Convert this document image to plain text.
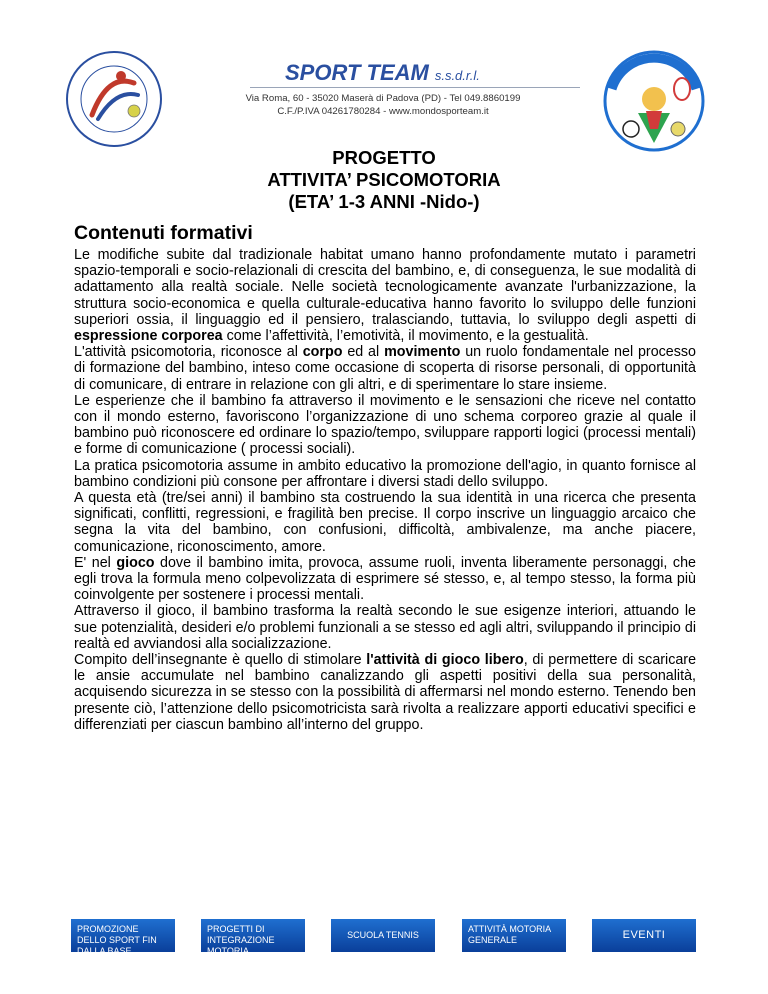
SPORT TEAM s.s.d.r.l.
Via Roma, 60 - 35020 Maserà di Padova (PD) - Tel 049.8860199
C.F./P.IVA 04261780284 - www.mondosporteam.it
PROGETTO
ATTIVITA’ PSICOMOTORIA
(ETA’ 1-3 ANNI -Nido-)
Contenuti formativi

Le modifiche subite dal tradizionale habitat umano hanno profondamente mutato i parametri spazio-temporali e socio-relazionali di crescita del bambino, e, di conseguenza, le sue modalità di adattamento alla realtà sociale. Nelle società tecnologicamente avanzate l'urbanizzazione, la struttura socio-economica e quella culturale-educativa hanno favorito lo sviluppo delle funzioni superiori ossia, il linguaggio ed il pensiero, tralasciando, tuttavia, lo sviluppo degli aspetti di espressione corporea come l’affettività, l’emotività, il movimento, e la gestualità.

L'attività psicomotoria, riconosce al corpo ed al movimento un ruolo fondamentale nel processo di formazione del bambino, inteso come occasione di scoperta di risorse personali, di opportunità di comunicare, di entrare in relazione con gli altri, e di sperimentare lo stare insieme.

Le esperienze che il bambino fa attraverso il movimento e le sensazioni che riceve nel contatto con il mondo esterno, favoriscono l’organizzazione di uno schema corporeo grazie al quale il bambino può riconoscere ed ordinare lo spazio/tempo, sviluppare rapporti logici (processi mentali) e forme di comunicazione ( processi sociali).

La pratica psicomotoria assume in ambito educativo la promozione dell'agio, in quanto fornisce al bambino condizioni più consone per affrontare i diversi stadi dello sviluppo.

A questa età (tre/sei anni) il bambino sta costruendo la sua identità in una ricerca che presenta significati, conflitti, regressioni, e fragilità ben precise. Il corpo inscrive un linguaggio arcaico che segna la vita del bambino, con confusioni, difficoltà, ambivalenze, ma anche piacere, comunicazione, riconoscimento, amore.

E' nel gioco dove il bambino imita, provoca, assume ruoli, inventa liberamente personaggi, che egli trova la formula meno colpevolizzata di esprimere sé stesso, e, al tempo stesso, la forma più coinvolgente per sostenere i processi mentali.

Attraverso il gioco, il bambino trasforma la realtà secondo le sue esigenze interiori, attuando le sue potenzialità, desideri e/o problemi funzionali a se stesso ed agli altri, sviluppando il principio di realtà ed avviandosi alla socializzazione.

Compito dell’insegnante è quello di stimolare l'attività di gioco libero, di permettere di scaricare le ansie accumulate nel bambino canalizzando gli aspetti positivi della sua personalità, acquisendo sicurezza in se stesso con la possibilità di affermarsi nel mondo esterno. Tenendo ben presente ciò, l’attenzione dello psicomotricista sarà rivolta a realizzare apporti educativi specifici e differenziati per ciascun bambino all’interno del gruppo.

PROMOZIONE DELLO SPORT FIN DALLA BASE
PROGETTI DI INTEGRAZIONE MOTORIA
SCUOLA TENNIS
ATTIVITÀ MOTORIA GENERALE	EVENTI
